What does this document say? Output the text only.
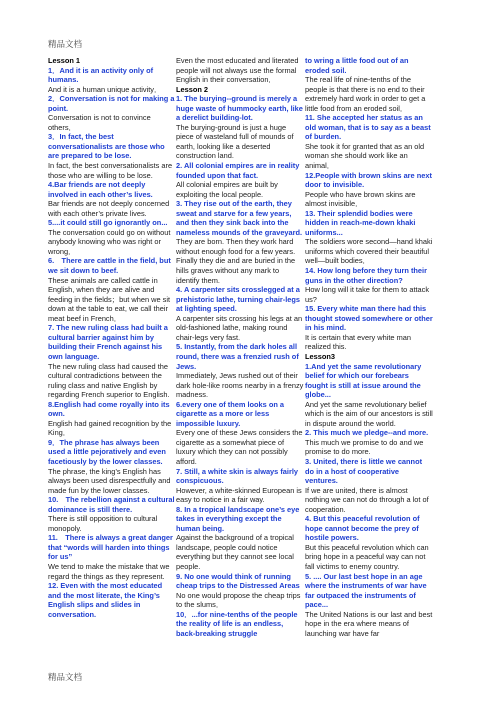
精品文档

Lesson 1

1．And it is an activity only of humans.

And it is a human unique activity．

2．Conversation is not for making a point.

Conversation is not to convince others．

3．In fact, the best conversationalists are those who are prepared to be lose.

In fact, the best conversationalists are those who are willing to be lose.

4.Bar friends are not deeply involved in each other’s lives.

Bar friends are not deeply concerned with each other’s private lives.

5....it could still go ignorantly on...

The conversation could go on without anybody knowing who was right or wrong．

6.　There are cattle in the field, but we sit down to beef.

These animals are called cattle in English, when they are alive and feeding in the fields；but when we sit down at the table to eat, we call their meat beef in French．

7. The new ruling class had built a cultural barrier against him by building their French against his own language.

The new ruling class had caused the cultural contradictions between the ruling class and native English by regarding French superior to English.

8.English had come royally into its own.

English had gained recognition by the King．

9．The phrase has always been used a little pejoratively and even facetiously by the lower classes.

The phrase, the king’s English has always been used disrespectfully and made fun by the lower classes.

10.　The rebellion against a cultural dominance is still there.

There is still opposition to cultural monopoly.

11.　There is always a great danger that “words will harden into things for us”

We tend to make the mistake that we regard the things as they represent.

12. Even with the most educated and the most literate, the King’s English slips and slides in conversation.

Even the most educated and literated people will not always use the formal English in their conversation．

Lesson 2

1. The burying--ground is merely a huge waste of hummocky earth, like a derelict building-lot.

The burying-ground is just a huge piece of wasteland full of mounds of earth, looking like a deserted construction land.

2. All colonial empires are in reality founded upon that fact.

All colonial empires are built by exploiting the local people.

3. They rise out of the earth, they sweat and starve for a few years, and then they sink back into the nameless mounds of the graveyard.

They are born. Then they work hard without enough food for a few years. Finally they die and are buried in the hills graves without any mark to identify them.

4. A carpenter sits crosslegged at a prehistoric lathe, turning chair-legs at lighting speed.

A carpenter sits crossing his legs at an old-fashioned lathe, making round chair-legs very fast.

5. Instantly, from the dark holes all round, there was a frenzied rush of Jews.

Immediately, Jews rushed out of their dark hole-like rooms nearby in a frenzy madness.

6.every one of them looks on a cigarette as a more or less impossible luxury.

Every one of these Jews considers the cigarette as a somewhat piece of luxury which they can not possibly afford.

7. Still, a white skin is always fairly conspicuous.

However, a white-skinned European is easy to notice in a fair way.

8. In a tropical landscape one’s eye takes in everything except the human being.

Against the background of a tropical landscape, people could notice everything but they cannot see local people.

9. No one would think of running cheap trips to the Distressed Areas

No one would propose the cheap trips to the slums．

10．...for nine-tenths of the people the reality of life is an endless, back-breaking struggle

to wring a little food out of an eroded soil.

The real life of nine-tenths of the people is that there is no end to their extremely hard work in order to get a little food from an eroded soil．

11. She accepted her status as an old woman, that is to say as a beast of burden.

She took it for granted that as an old woman she should work like an animal．

12.People with brown skins are next door to invisible.

People who have brown skins are almost invisible．

13. Their splendid bodies were hidden in reach-me-down khaki uniforms...

The soldiers wore second—hand khaki uniforms which covered their beautiful well—built bodies．

14. How long before they turn their guns in the other direction?

How long will it take for them to attack us?

15. Every white man there had this thought stowed somewhere or other in his mind.

It is certain that every white man realized this.

Lesson3

1.And yet the same revolutionary belief for which our forebears fought is still at issue around the globe...

And yet the same revolutionary belief which is the aim of our ancestors is still in dispute around the world.

2. This much we pledge--and more.

This much we promise to do and we promise to do more.

3. United, there is little we cannot do in a host of cooperative ventures.

If we are united, there is almost nothing we can not do through a lot of cooperation.

4. But this peaceful revolution of hope cannot become the prey of hostile powers.

But this peaceful revolution which can bring hope in a peaceful way can not fall victims to enemy country.

5. .... Our last best hope in an age where the instruments of war have far outpaced the instruments of pace...

The United Nations is our last and best hope in the era where means of launching war have far

精品文档
